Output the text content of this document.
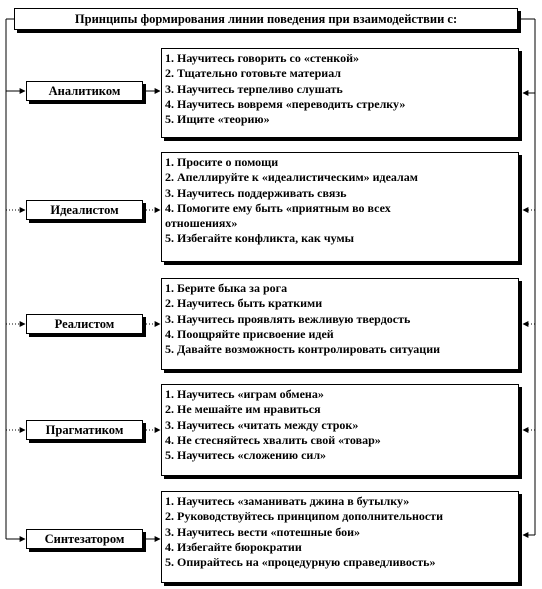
Принципы формирования линии поведения при взаимодействии с:
Аналитиком
1. Научитесь говорить со «стенкой»
2. Тщательно готовьте материал
3. Научитесь терпеливо слушать
4. Научитесь вовремя «переводить стрелку»
5. Ищите «теорию»
Идеалистом
1. Просите о помощи
2. Апеллируйте к «идеалистическим» идеалам
3. Научитесь поддерживать связь
4. Помогите ему быть «приятным во всех
отношениях»
5. Избегайте конфликта, как чумы
Реалистом
1. Берите быка за рога
2. Научитесь быть краткими
3. Научитесь проявлять вежливую твердость
4. Поощряйте присвоение идей
5. Давайте возможность контролировать ситуации
Прагматиком
1. Научитесь «играм обмена»
2. Не мешайте им нравиться
3. Научитесь «читать между строк»
4. Не стесняйтесь хвалить свой «товар»
5. Научитесь «сложению сил»
Синтезатором
1. Научитесь «заманивать джина в бутылку»
2. Руководствуйтесь принципом дополнительности
3. Научитесь вести «потешные бои»
4. Избегайте бюрократии
5. Опирайтесь на «процедурную справедливость»
